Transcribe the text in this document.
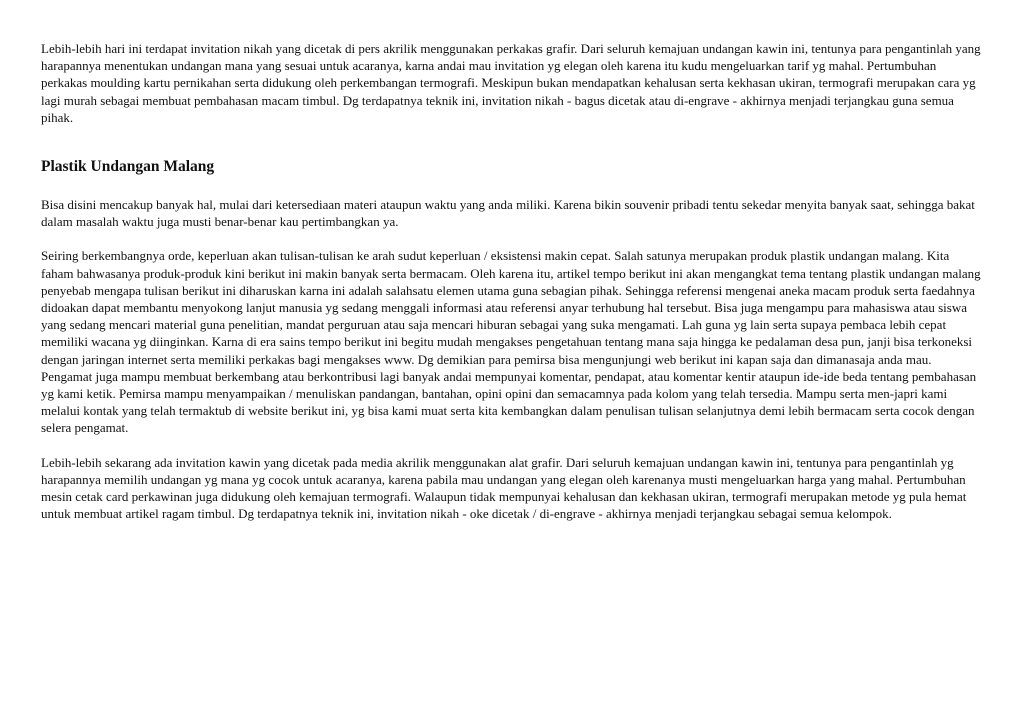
Lebih-lebih hari ini terdapat invitation nikah yang dicetak di pers akrilik menggunakan perkakas grafir. Dari seluruh kemajuan undangan kawin ini, tentunya para pengantinlah yang harapannya menentukan undangan mana yang sesuai untuk acaranya, karna andai mau invitation yg elegan oleh karena itu kudu mengeluarkan tarif yg mahal. Pertumbuhan perkakas moulding kartu pernikahan serta didukung oleh perkembangan termografi. Meskipun bukan mendapatkan kehalusan serta kekhasan ukiran, termografi merupakan cara yg lagi murah sebagai membuat pembahasan macam timbul. Dg terdapatnya teknik ini, invitation nikah - bagus dicetak atau di-engrave - akhirnya menjadi terjangkau guna semua pihak.

Plastik Undangan Malang

Bisa disini mencakup banyak hal, mulai dari ketersediaan materi ataupun waktu yang anda miliki. Karena bikin souvenir pribadi tentu sekedar menyita banyak saat, sehingga bakat dalam masalah waktu juga musti benar-benar kau pertimbangkan ya.

Seiring berkembangnya orde, keperluan akan tulisan-tulisan ke arah sudut keperluan / eksistensi makin cepat. Salah satunya merupakan produk plastik undangan malang. Kita faham bahwasanya produk-produk kini berikut ini makin banyak serta bermacam. Oleh karena itu, artikel tempo berikut ini akan mengangkat tema tentang plastik undangan malang penyebab mengapa tulisan berikut ini diharuskan karna ini adalah salahsatu elemen utama guna sebagian pihak. Sehingga referensi mengenai aneka macam produk serta faedahnya didoakan dapat membantu menyokong lanjut manusia yg sedang menggali informasi atau referensi anyar terhubung hal tersebut. Bisa juga mengampu para mahasiswa atau siswa yang sedang mencari material guna penelitian, mandat perguruan atau saja mencari hiburan sebagai yang suka mengamati. Lah guna yg lain serta supaya pembaca lebih cepat memiliki wacana yg diinginkan. Karna di era sains tempo berikut ini begitu mudah mengakses pengetahuan tentang mana saja hingga ke pedalaman desa pun, janji bisa terkoneksi dengan jaringan internet serta memiliki perkakas bagi mengakses www. Dg demikian para pemirsa bisa mengunjungi web berikut ini kapan saja dan dimanasaja anda mau. Pengamat juga mampu membuat berkembang atau berkontribusi lagi banyak andai mempunyai komentar, pendapat, atau komentar kentir ataupun ide-ide beda tentang pembahasan yg kami ketik. Pemirsa mampu menyampaikan / menuliskan pandangan, bantahan, opini opini dan semacamnya pada kolom yang telah tersedia. Mampu serta men-japri kami melalui kontak yang telah termaktub di website berikut ini, yg bisa kami muat serta kita kembangkan dalam penulisan tulisan selanjutnya demi lebih bermacam serta cocok dengan selera pengamat.

Lebih-lebih sekarang ada invitation kawin yang dicetak pada media akrilik menggunakan alat grafir. Dari seluruh kemajuan undangan kawin ini, tentunya para pengantinlah yg harapannya memilih undangan yg mana yg cocok untuk acaranya, karena pabila mau undangan yang elegan oleh karenanya musti mengeluarkan harga yang mahal. Pertumbuhan mesin cetak card perkawinan juga didukung oleh kemajuan termografi. Walaupun tidak mempunyai kehalusan dan kekhasan ukiran, termografi merupakan metode yg pula hemat untuk membuat artikel ragam timbul. Dg terdapatnya teknik ini, invitation nikah - oke dicetak / di-engrave - akhirnya menjadi terjangkau sebagai semua kelompok.
